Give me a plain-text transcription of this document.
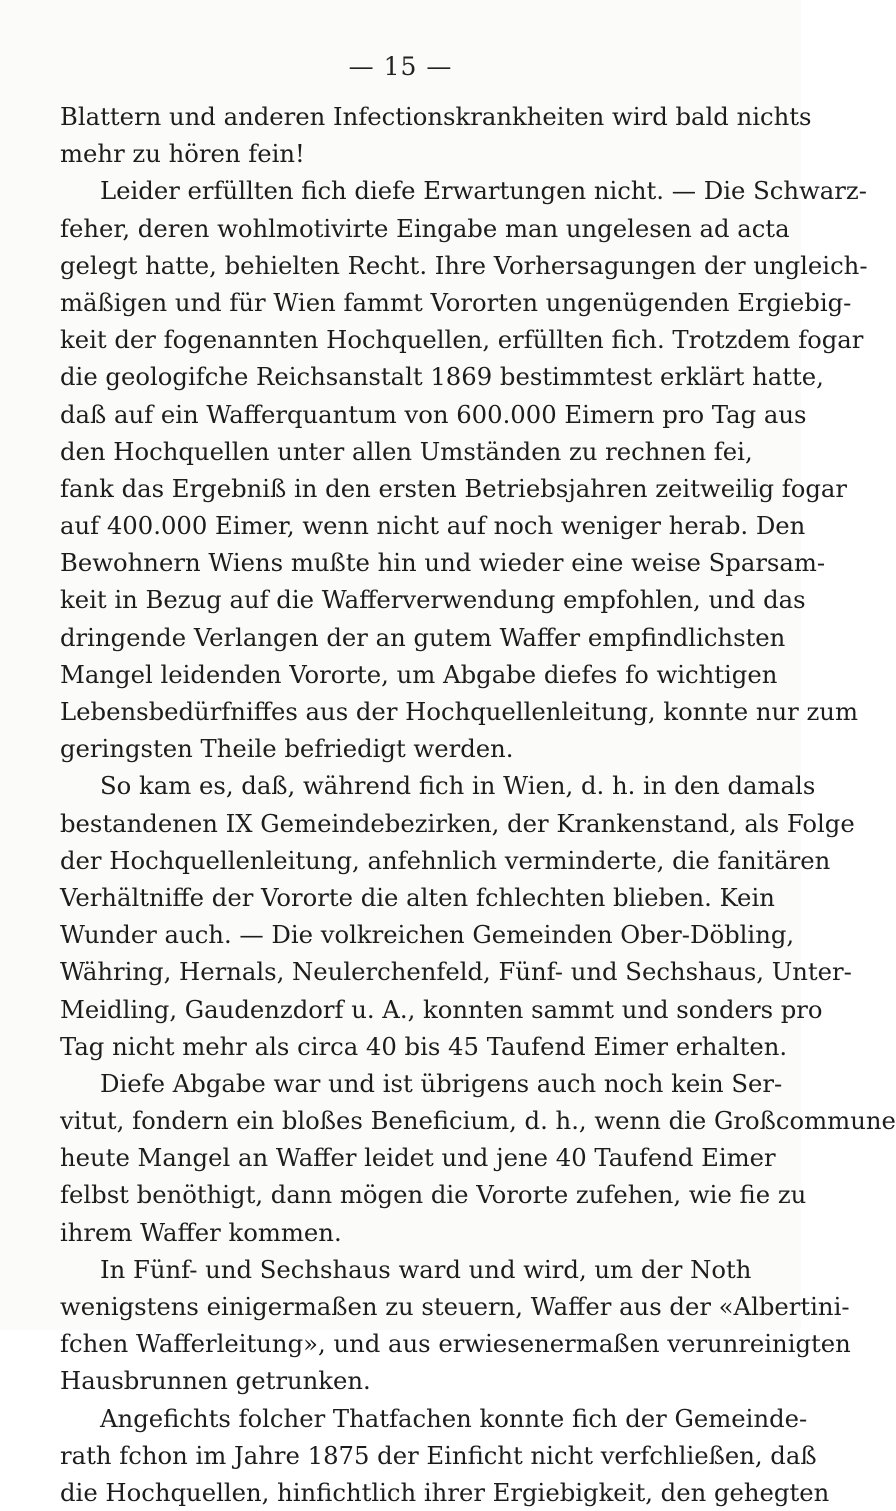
— 15 —
Blattern und anderen Infectionskrankheiten wird bald nichts
mehr zu hören fein!
Leider erfüllten fich diefe Erwartungen nicht. — Die Schwarz-
feher, deren wohlmotivirte Eingabe man ungelesen ad acta
gelegt hatte, behielten Recht. Ihre Vorhersagungen der ungleich-
mäßigen und für Wien fammt Vororten ungenügenden Ergiebig-
keit der fogenannten Hochquellen, erfüllten fich. Trotzdem fogar
die geologifche Reichsanstalt 1869 bestimmtest erklärt hatte,
daß auf ein Wafferquantum von 600.000 Eimern pro Tag aus
den Hochquellen unter allen Umständen zu rechnen fei,
fank das Ergebniß in den ersten Betriebsjahren zeitweilig fogar
auf 400.000 Eimer, wenn nicht auf noch weniger herab. Den
Bewohnern Wiens mußte hin und wieder eine weise Sparsam-
keit in Bezug auf die Wafferverwendung empfohlen, und das
dringende Verlangen der an gutem Waffer empfindlichsten
Mangel leidenden Vororte, um Abgabe diefes fo wichtigen
Lebensbedürfniffes aus der Hochquellenleitung, konnte nur zum
geringsten Theile befriedigt werden.
So kam es, daß, während fich in Wien, d. h. in den damals
bestandenen IX Gemeindebezirken, der Krankenstand, als Folge
der Hochquellenleitung, anfehnlich verminderte, die fanitären
Verhältniffe der Vororte die alten fchlechten blieben. Kein
Wunder auch. — Die volkreichen Gemeinden Ober-Döbling,
Währing, Hernals, Neulerchenfeld, Fünf- und Sechshaus, Unter-
Meidling, Gaudenzdorf u. A., konnten sammt und sonders pro
Tag nicht mehr als circa 40 bis 45 Taufend Eimer erhalten.
Diefe Abgabe war und ist übrigens auch noch kein Ser-
vitut, fondern ein bloßes Beneficium, d. h., wenn die Großcommune
heute Mangel an Waffer leidet und jene 40 Taufend Eimer
felbst benöthigt, dann mögen die Vororte zufehen, wie fie zu
ihrem Waffer kommen.
In Fünf- und Sechshaus ward und wird, um der Noth
wenigstens einigermaßen zu steuern, Waffer aus der «Albertini-
fchen Wafferleitung», und aus erwiesenermaßen verunreinigten
Hausbrunnen getrunken.
Angefichts folcher Thatfachen konnte fich der Gemeinde-
rath fchon im Jahre 1875 der Einficht nicht verfchließen, daß
die Hochquellen, hinfichtlich ihrer Ergiebigkeit, den gehegten
